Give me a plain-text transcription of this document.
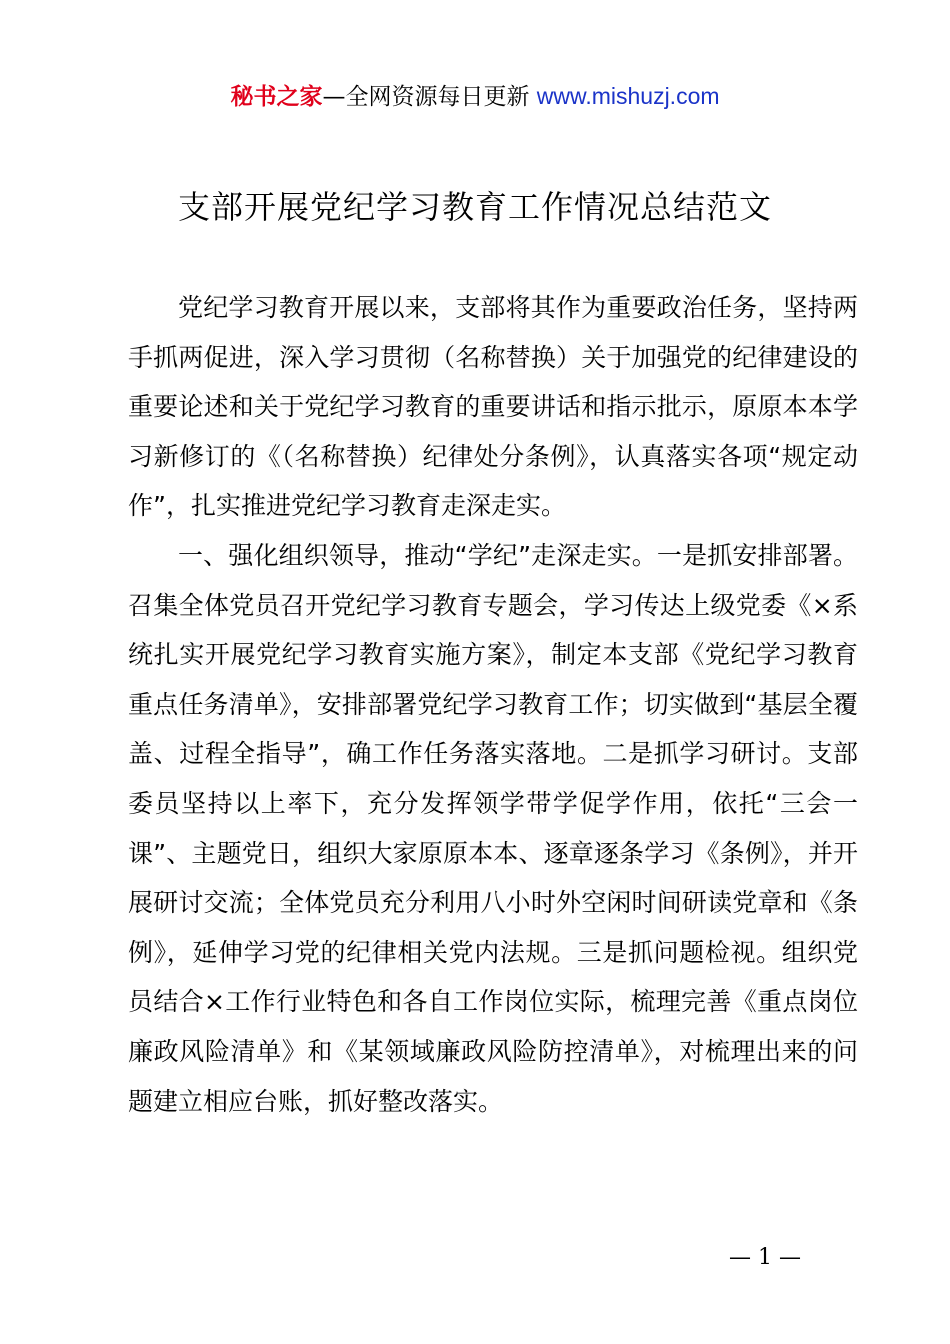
秘书之家—全网资源每日更新 www.mishuzj.com
支部开展党纪学习教育工作情况总结范文

党纪学习教育开展以来，支部将其作为重要政治任务，坚持两手抓两促进，深入学习贯彻（名称替换）关于加强党的纪律建设的重要论述和关于党纪学习教育的重要讲话和指示批示，原原本本学习新修订的《（名称替换）纪律处分条例》，认真落实各项“规定动作”，扎实推进党纪学习教育走深走实。

一、强化组织领导，推动“学纪”走深走实。一是抓安排部署。召集全体党员召开党纪学习教育专题会，学习传达上级党委《×系统扎实开展党纪学习教育实施方案》，制定本支部《党纪学习教育重点任务清单》，安排部署党纪学习教育工作；切实做到“基层全覆盖、过程全指导”，确工作任务落实落地。二是抓学习研讨。支部委员坚持以上率下，充分发挥领学带学促学作用，依托“三会一课”、主题党日，组织大家原原本本、逐章逐条学习《条例》，并开展研讨交流；全体党员充分利用八小时外空闲时间研读党章和《条例》，延伸学习党的纪律相关党内法规。三是抓问题检视。组织党员结合×工作行业特色和各自工作岗位实际，梳理完善《重点岗位廉政风险清单》和《某领域廉政风险防控清单》，对梳理出来的问题建立相应台账，抓好整改落实。

— 1 —
